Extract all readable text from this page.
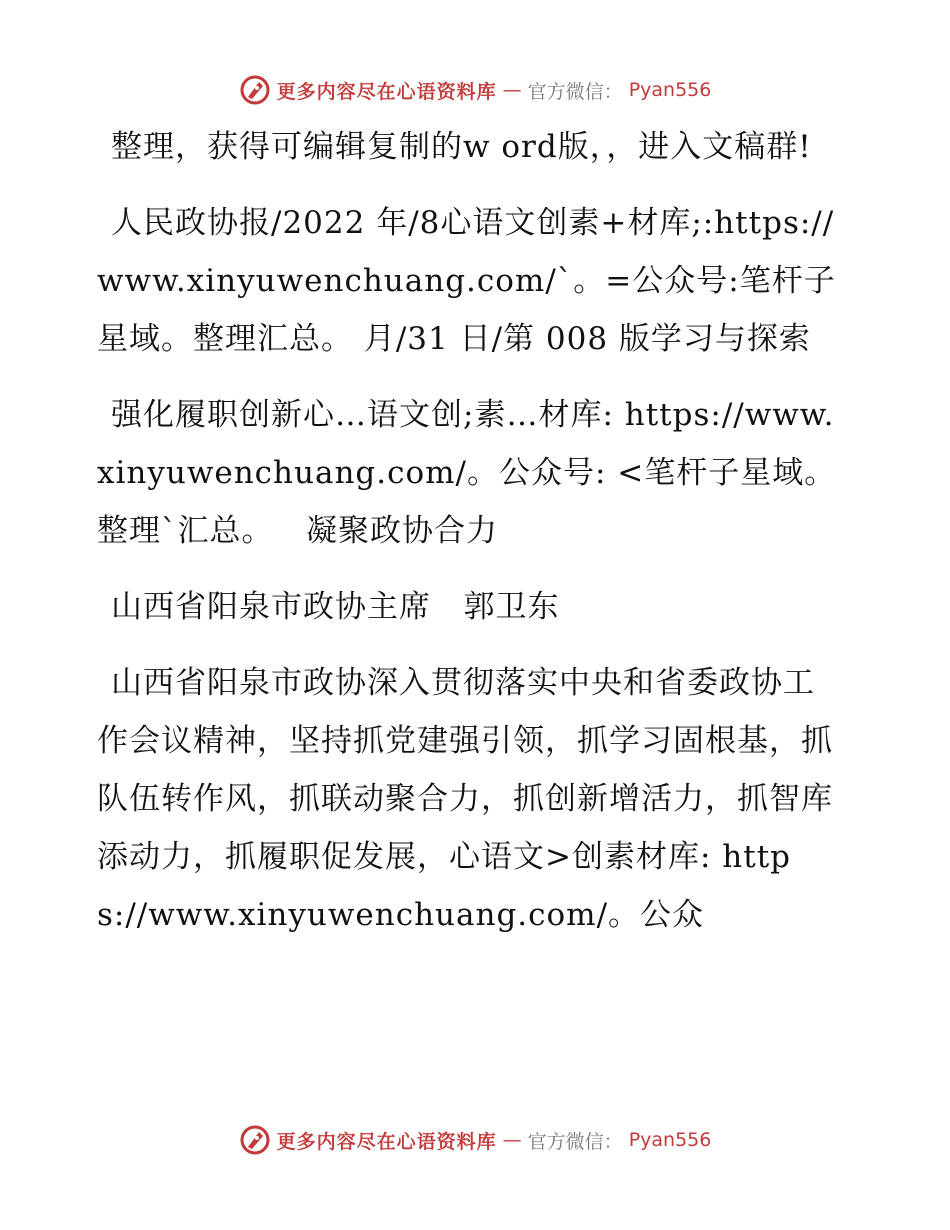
更多内容尽在心语资料库 — 官方微信： Pyan556

整理，获得可编辑复制的w ord版，，进入文稿群!

人民政协报/2022 年/8心语文创素+材库;:https://www.xinyuwenchuang.com/`。=公众号:笔杆子星域。整理汇总。 月/31 日/第 008 版学习与探索

强化履职创新心…语文创;素…材库: https://www.xinyuwenchuang.com/。公众号: <笔杆子星域。整理`汇总。   凝聚政协合力

山西省阳泉市政协主席   郭卫东

山西省阳泉市政协深入贯彻落实中央和省委政协工作会议精神，坚持抓党建强引领，抓学习固根基，抓队伍转作风，抓联动聚合力，抓创新增活力，抓智库添动力，抓履职促发展，心语文>创素材库: https://www.xinyuwenchuang.com/。公众

更多内容尽在心语资料库 — 官方微信： Pyan556
